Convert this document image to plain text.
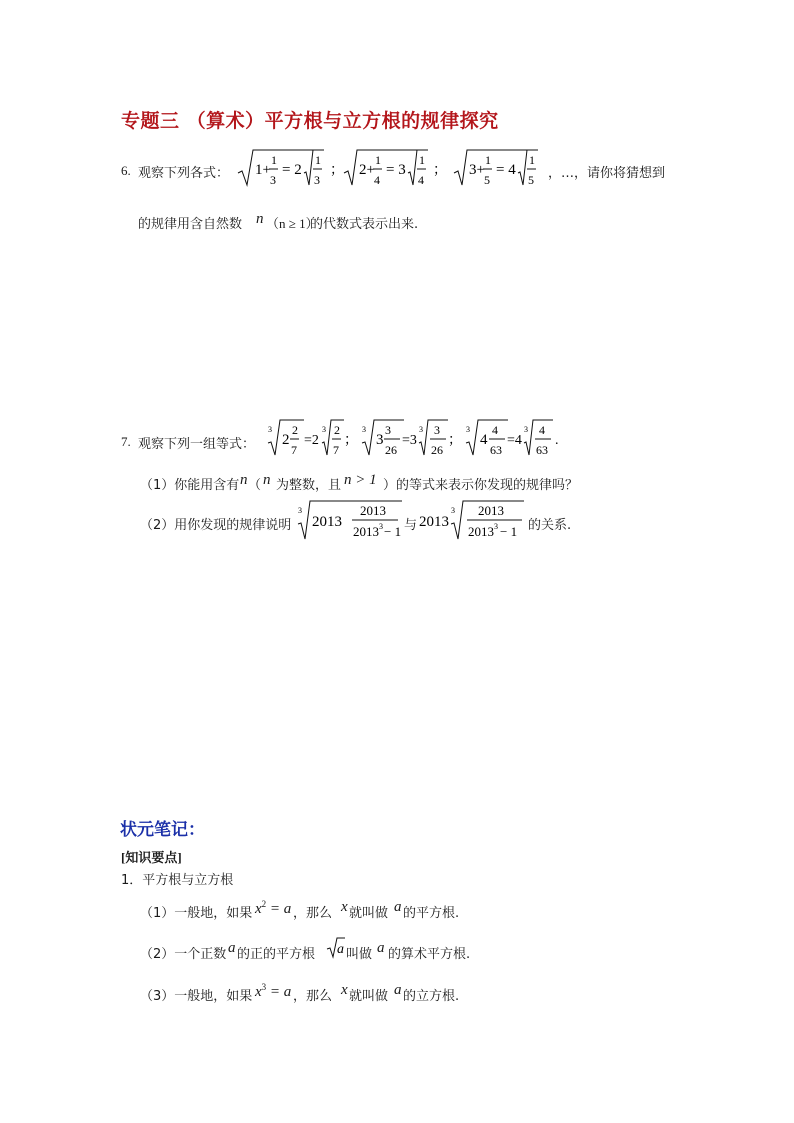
专题三 （算术）平方根与立方根的规律探究
6. 观察下列各式： 1+
1
3
= 2
1
3
； 2+
1
4
= 3
1
4
； 3+
1
5
= 4
1
5 ，…，请你将猜想到
的规律用含自然数 n （n ≥ 1）
的代数式表示出来.
7. 观察下列一组等式：
3
2
2
7
=2
3 2
7
；
3
3
3
26
=3
3 3
26
；
3
4
4
63
=4
3 4
63
.
（1）你能用含有 n （ n 为整数，且 n > 1 ）的等式来表示你发现的规律吗？
（2）用你发现的规律说明
3
2013
2013
2013 3 − 1 与 2013
3 2013
2013 3 − 1 的关系.
状元笔记：
[知识要点]
1．平方根与立方根
（1）一般地，如果 $x^2 = a$ ，那么 x 就叫做 a 的平方根.
（2）一个正数 a 的正的平方根 a 叫做 a 的算术平方根.
（3）一般地，如果 $x^3 = a$ ，那么 x 就叫做 a 的立方根.
